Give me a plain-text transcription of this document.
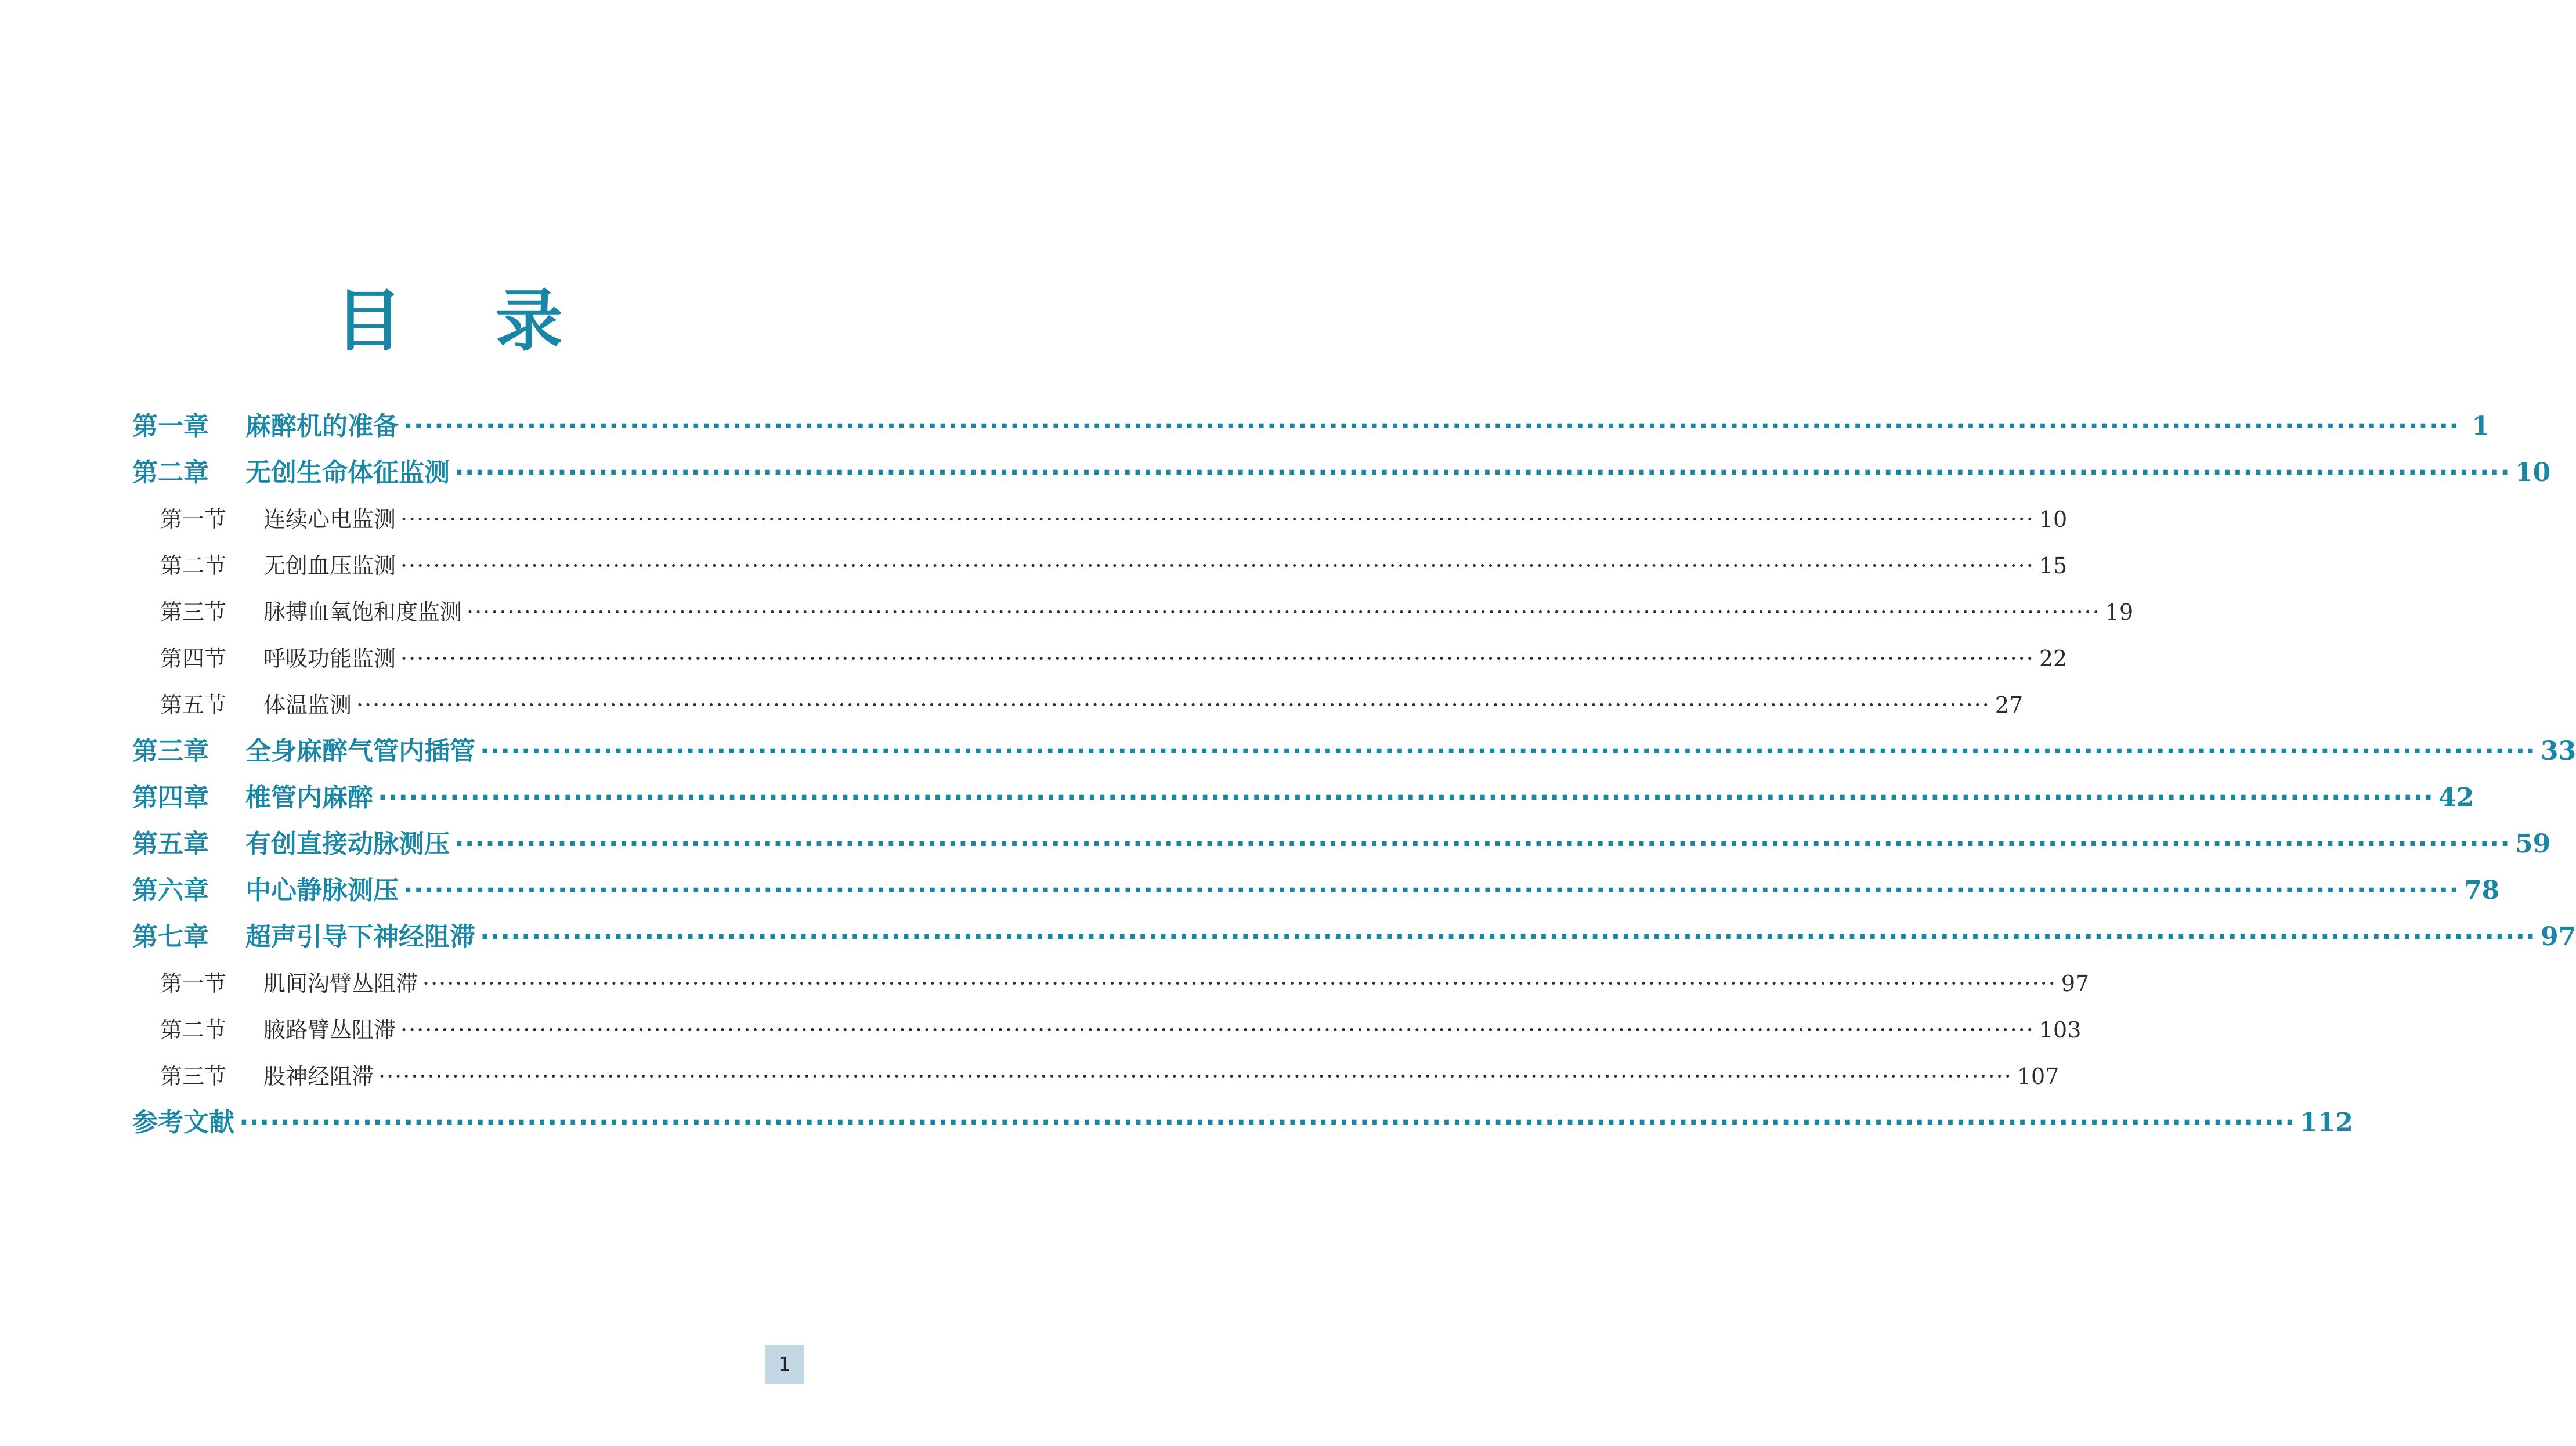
目 录
第一章	麻醉机的准备 ········································································································································································································ 1
第二章	无创生命体征监测 ········································································································································································································ 10
第一节	连续心电监测 ········································································································································································································ 10
第二节	无创血压监测 ········································································································································································································ 15
第三节	脉搏血氧饱和度监测 ········································································································································································································ 19
第四节	呼吸功能监测 ········································································································································································································ 22
第五节	体温监测 ········································································································································································································ 27
第三章	全身麻醉气管内插管 ········································································································································································································ 33
第四章	椎管内麻醉 ········································································································································································································ 42
第五章	有创直接动脉测压 ········································································································································································································ 59
第六章	中心静脉测压 ········································································································································································································ 78
第七章	超声引导下神经阻滞 ········································································································································································································ 97
第一节	肌间沟臂丛阻滞 ········································································································································································································ 97
第二节	腋路臂丛阻滞 ········································································································································································································ 103
第三节	股神经阻滞 ········································································································································································································ 107
参考文献 ········································································································································································································ 112
1
